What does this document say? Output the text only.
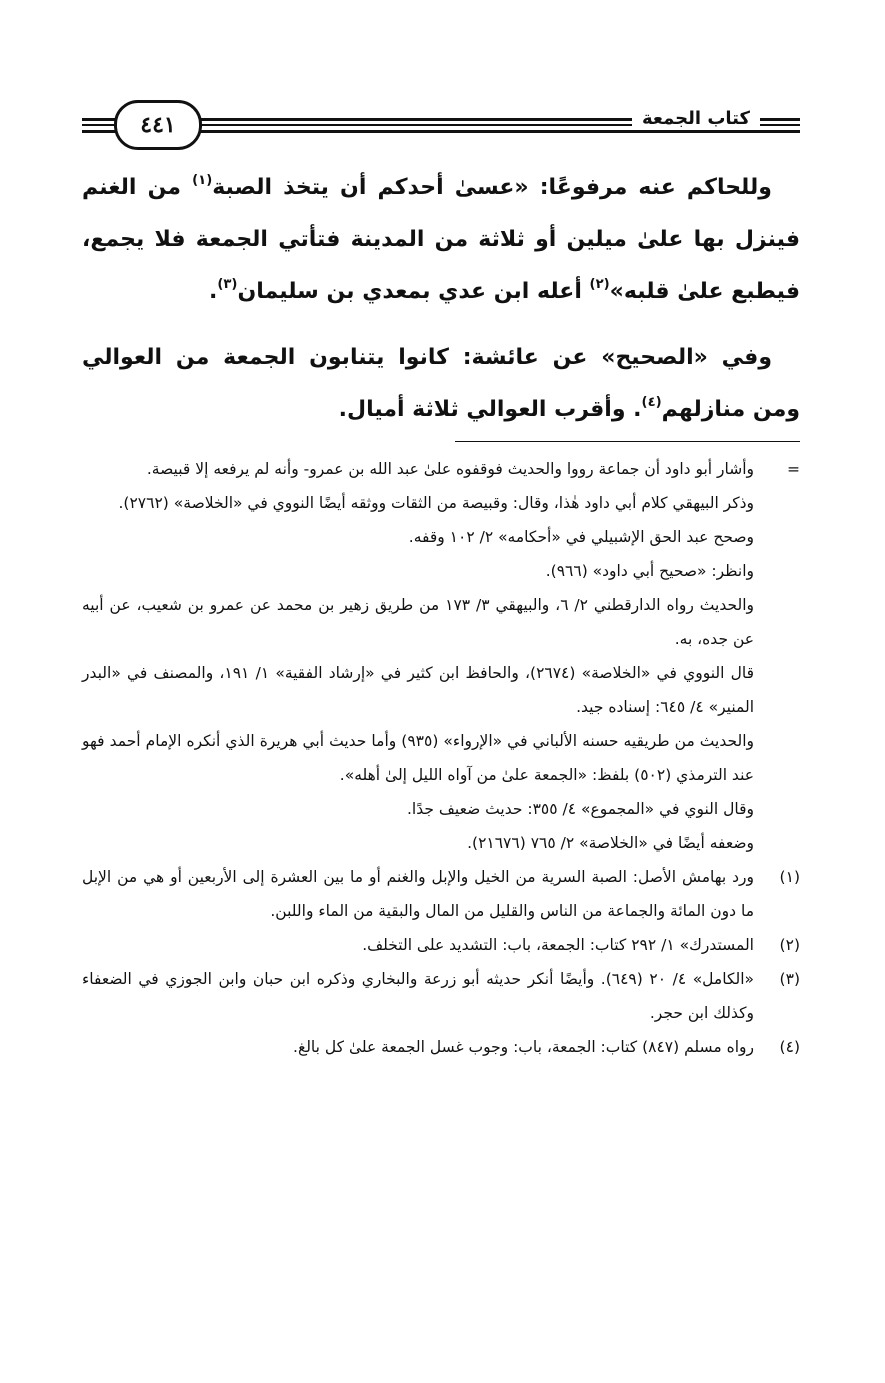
٤٤١	كتاب الجمعة

وللحاكم عنه مرفوعًا: «عسىٰ أحدكم أن يتخذ الصبة$^{(١)}$ من الغنم فينزل بها علىٰ ميلين أو ثلاثة من المدينة فتأتي الجمعة فلا يجمع، فيطبع علىٰ قلبه»$^{(٢)}$ أعله ابن عدي بمعدي بن سليمان$^{(٣)}$.

وفي «الصحيح» عن عائشة: كانوا يتنابون الجمعة من العوالي ومن منازلهم$^{(٤)}$. وأقرب العوالي ثلاثة أميال.

=
وأشار أبو داود أن جماعة رووا والحديث فوقفوه علىٰ عبد الله بن عمرو- وأنه لم يرفعه إلا قبيصة.
وذكر البيهقي كلام أبي داود هٰذا، وقال: وقبيصة من الثقات ووثقه أيضًا النووي في «الخلاصة» (٢٧٦٢).
وصحح عبد الحق الإشبيلي في «أحكامه» ٢/ ١٠٢ وقفه.
وانظر: «صحيح أبي داود» (٩٦٦).
والحديث رواه الدارقطني ٢/ ٦، والبيهقي ٣/ ١٧٣ من طريق زهير بن محمد عن عمرو بن شعيب، عن أبيه عن جده، به.
قال النووي في «الخلاصة» (٢٦٧٤)، والحافظ ابن كثير في «إرشاد الفقية» ١/ ١٩١، والمصنف في «البدر المنير» ٤/ ٦٤٥: إسناده جيد.
والحديث من طريقيه حسنه الألباني في «الإرواء» (٩٣٥) وأما حديث أبي هريرة الذي أنكره الإمام أحمد فهو عند الترمذي (٥٠٢) بلفظ: «الجمعة علىٰ من آواه الليل إلىٰ أهله».
وقال النوي في «المجموع» ٤/ ٣٥٥: حديث ضعيف جدًا.
وضعفه أيضًا في «الخلاصة» ٢/ ٧٦٥ (٢١٦٧٦).
(١)
ورد بهامش الأصل: الصبة السرية من الخيل والإبل والغنم أو ما بين العشرة إلى الأربعين أو هي من الإبل ما دون المائة والجماعة من الناس والقليل من المال والبقية من الماء واللبن.
(٢)
المستدرك» ١/ ٢٩٢ كتاب: الجمعة، باب: التشديد على التخلف.
(٣)
«الكامل» ٤/ ٢٠ (٦٤٩). وأيضًا أنكر حديثه أبو زرعة والبخاري وذكره ابن حبان وابن الجوزي في الضعفاء وكذلك ابن حجر.
(٤)
رواه مسلم (٨٤٧) كتاب: الجمعة، باب: وجوب غسل الجمعة علىٰ كل بالغ.
